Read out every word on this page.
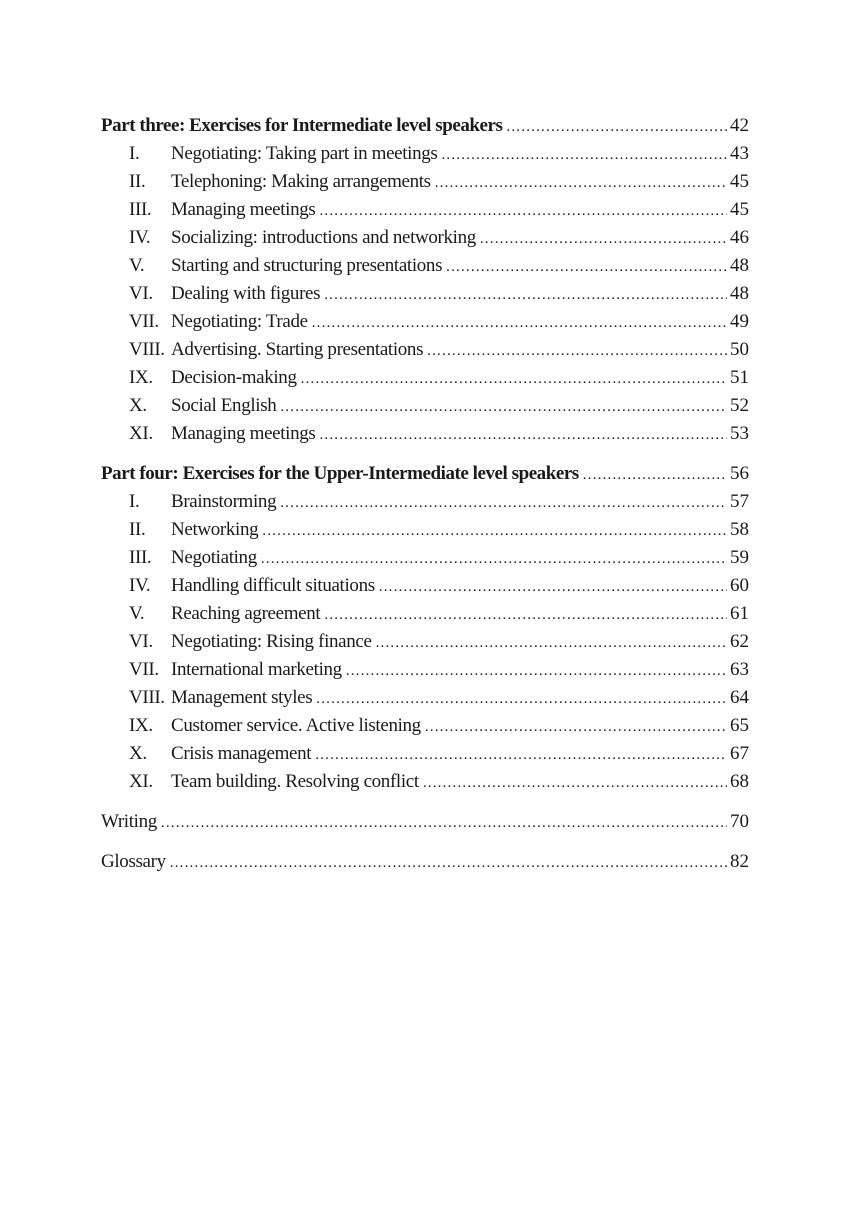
Part three: Exercises for Intermediate level speakers .....	42
I.	Negotiating: Taking part in meetings .....	43
II.	Telephoning: Making arrangements .....	45
III.	Managing meetings .....	45
IV.	Socializing: introductions and networking .....	46
V.	Starting and structuring presentations .....	48
VI. Dealing with figures .....	48
VII. Negotiating: Trade .....	49
VIII. Advertising. Starting presentations .....	50
IX. Decision-making .....	51
X.	Social English .....	52
XI. Managing meetings .....	53
Part four: Exercises for the Upper-Intermediate level speakers .....	56
I.	Brainstorming .....	57
II.	Networking .....	58
III.	Negotiating .....	59
IV.	Handling difficult situations .....	60
V.	Reaching agreement .....	61
VI. Negotiating: Rising finance .....	62
VII. International marketing .....	63
VIII. Management styles .....	64
IX. Customer service. Active listening .....	65
X.	Crisis management .....	67
XI. Team building. Resolving conflict .....	68
Writing .....	70
Glossary .....	82
